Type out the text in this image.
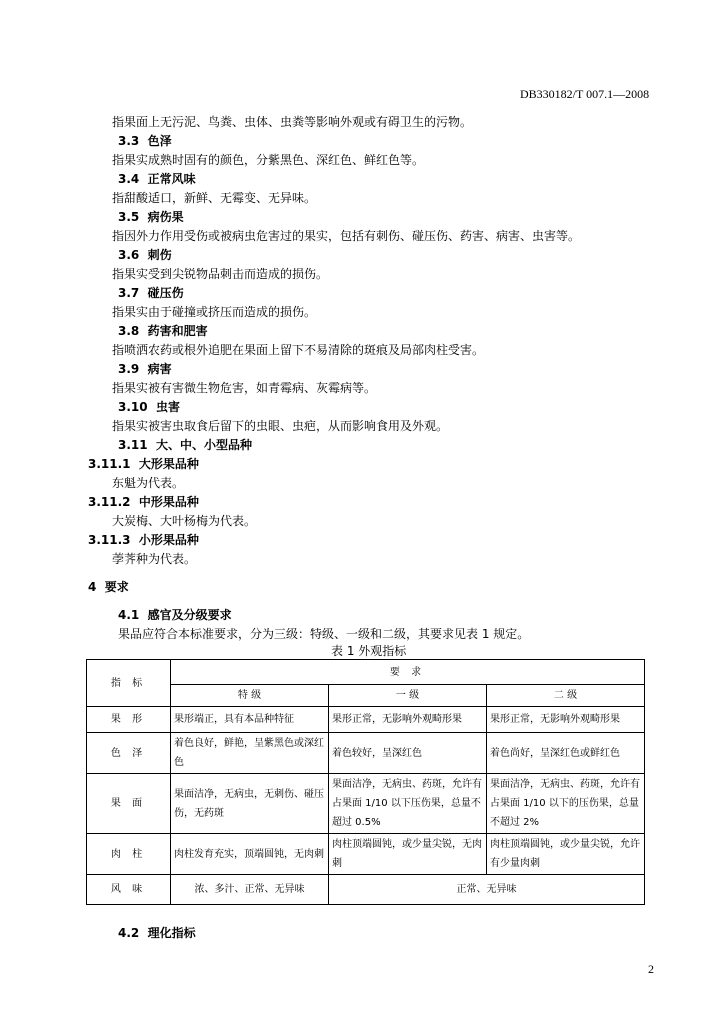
DB330182/T 007.1—2008
指果面上无污泥、鸟粪、虫体、虫粪等影响外观或有碍卫生的污物。
3.3 色泽
指果实成熟时固有的颜色，分紫黑色、深红色、鲜红色等。
3.4 正常风味
指甜酸适口，新鲜、无霉变、无异味。
3.5 病伤果
指因外力作用受伤或被病虫危害过的果实，包括有刺伤、碰压伤、药害、病害、虫害等。
3.6 刺伤
指果实受到尖锐物品刺击而造成的损伤。
3.7 碰压伤
指果实由于碰撞或挤压而造成的损伤。
3.8 药害和肥害
指喷洒农药或根外追肥在果面上留下不易清除的斑痕及局部肉柱受害。
3.9 病害
指果实被有害微生物危害，如青霉病、灰霉病等。
3.10 虫害
指果实被害虫取食后留下的虫眼、虫疤，从而影响食用及外观。
3.11 大、中、小型品种
3.11.1 大形果品种
东魁为代表。
3.11.2 中形果品种
大炭梅、大叶杨梅为代表。
3.11.3 小形果品种
荸荠种为代表。
4 要求
4.1 感官及分级要求
果品应符合本标准要求，分为三级：特级、一级和二级，其要求见表 1 规定。
表 1 外观指标
指 标	要 求		
	特 级	一 级	二 级
果 形	果形端正，具有本品种特征	果形正常，无影响外观畸形果	果形正常，无影响外观畸形果
色 泽	着色良好，鲜艳，呈紫黑色或深红色	着色较好，呈深红色	着色尚好，呈深红色或鲜红色
果 面	果面洁净，无病虫，无刺伤、碰压伤，无药斑	果面洁净，无病虫、药斑，允许有占果面 1/10 以下压伤果，总量不超过 0.5%	果面洁净，无病虫、药斑，允许有占果面 1/10 以下的压伤果，总量不超过 2%
肉 柱	肉柱发育充实，顶端圆钝，无肉刺	肉柱顶端圆钝，或少量尖锐，无肉刺	肉柱顶端圆钝，或少量尖锐，允许有少量肉刺
风 味	浓、多汁、正常、无异味	正常、无异味	
4.2 理化指标
2
